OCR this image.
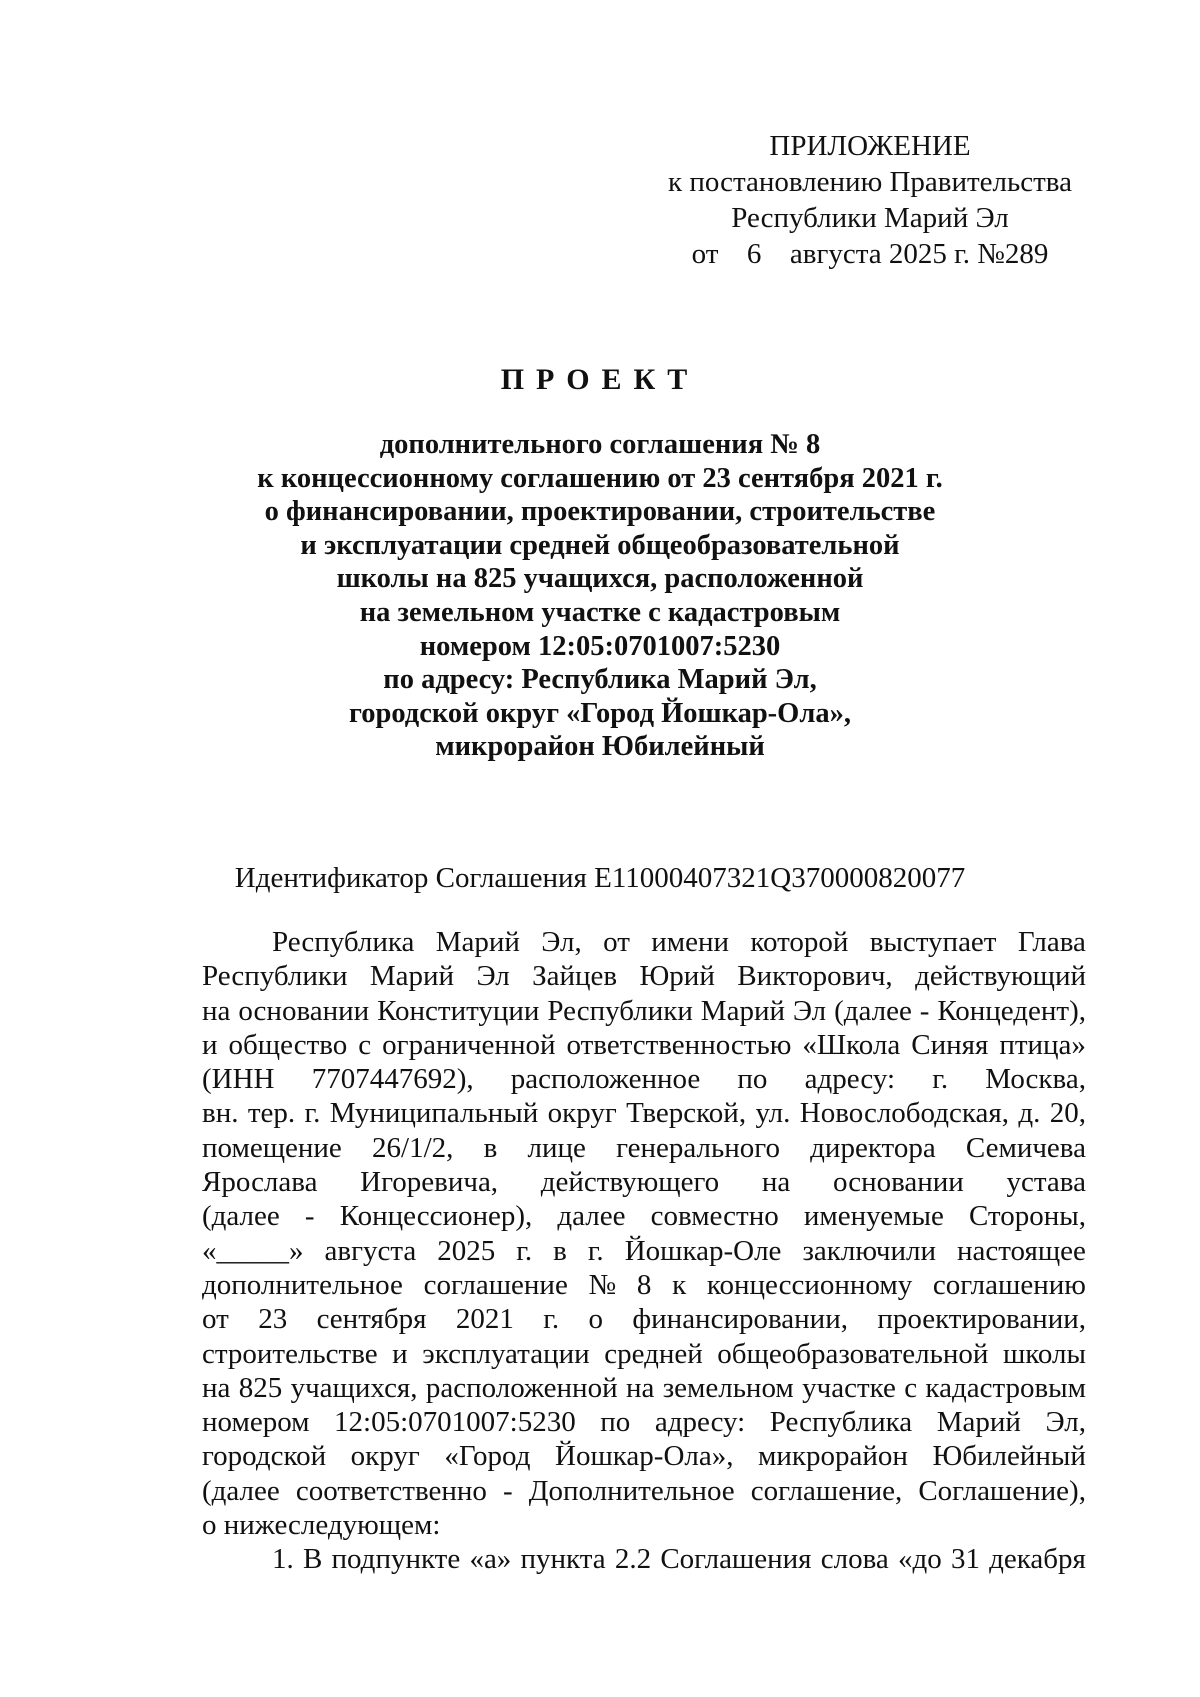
ПРИЛОЖЕНИЕ
к постановлению Правительства
Республики Марий Эл
от 6 августа 2025 г. №289
ПРОЕКТ
дополнительного соглашения № 8
к концессионному соглашению от 23 сентября 2021 г.
о финансировании, проектировании, строительстве
и эксплуатации средней общеобразовательной
школы на 825 учащихся, расположенной
на земельном участке с кадастровым
номером 12:05:0701007:5230
по адресу: Республика Марий Эл,
городской округ «Город Йошкар-Ола»,
микрорайон Юбилейный
Идентификатор Соглашения Е11000407321Q370000820077
Республика Марий Эл, от имени которой выступает Глава
Республики Марий Эл Зайцев Юрий Викторович, действующий
на основании Конституции Республики Марий Эл (далее - Концедент),
и общество с ограниченной ответственностью «Школа Синяя птица»
(ИНН 7707447692), расположенное по адресу: г. Москва,
вн. тер. г. Муниципальный округ Тверской, ул. Новослободская, д. 20,
помещение 26/1/2, в лице генерального директора Семичева
Ярослава Игоревича, действующего на основании устава
(далее - Концессионер), далее совместно именуемые Стороны,
«_____» августа 2025 г. в г. Йошкар-Оле заключили настоящее
дополнительное соглашение № 8 к концессионному соглашению
от 23 сентября 2021 г. о финансировании, проектировании,
строительстве и эксплуатации средней общеобразовательной школы
на 825 учащихся, расположенной на земельном участке с кадастровым
номером 12:05:0701007:5230 по адресу: Республика Марий Эл,
городской округ «Город Йошкар-Ола», микрорайон Юбилейный
(далее соответственно - Дополнительное соглашение, Соглашение),
о нижеследующем:
1. В подпункте «а» пункта 2.2 Соглашения слова «до 31 декабря
